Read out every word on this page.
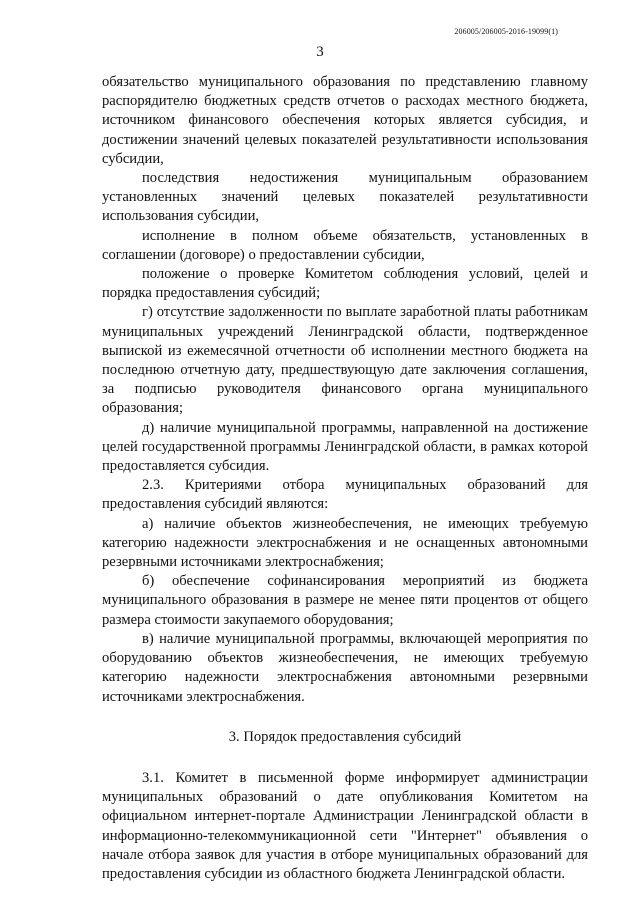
206005/206005-2016-19099(1)
3

обязательство муниципального образования по представлению главному распорядителю бюджетных средств отчетов о расходах местного бюджета, источником финансового обеспечения которых является субсидия, и достижении значений целевых показателей результативности использования субсидии,

последствия недостижения муниципальным образованием установленных значений целевых показателей результативности использования субсидии,

исполнение в полном объеме обязательств, установленных в соглашении (договоре) о предоставлении субсидии,

положение о проверке Комитетом соблюдения условий, целей и порядка предоставления субсидий;

г) отсутствие задолженности по выплате заработной платы работникам муниципальных учреждений Ленинградской области, подтвержденное выпиской из ежемесячной отчетности об исполнении местного бюджета на последнюю отчетную дату, предшествующую дате заключения соглашения, за подписью руководителя финансового органа муниципального образования;

д) наличие муниципальной программы, направленной на достижение целей государственной программы Ленинградской области, в рамках которой предоставляется субсидия.

2.3. Критериями отбора муниципальных образований для предоставления субсидий являются:

а) наличие объектов жизнеобеспечения, не имеющих требуемую категорию надежности электроснабжения и не оснащенных автономными резервными источниками электроснабжения;

б) обеспечение софинансирования мероприятий из бюджета муниципального образования в размере не менее пяти процентов от общего размера стоимости закупаемого оборудования;

в) наличие муниципальной программы, включающей мероприятия по оборудованию объектов жизнеобеспечения, не имеющих требуемую категорию надежности электроснабжения автономными резервными источниками электроснабжения.

3. Порядок предоставления субсидий

3.1. Комитет в письменной форме информирует администрации муниципальных образований о дате опубликования Комитетом на официальном интернет-портале Администрации Ленинградской области в информационно-телекоммуникационной сети "Интернет" объявления о начале отбора заявок для участия в отборе муниципальных образований для предоставления субсидии из областного бюджета Ленинградской области.
